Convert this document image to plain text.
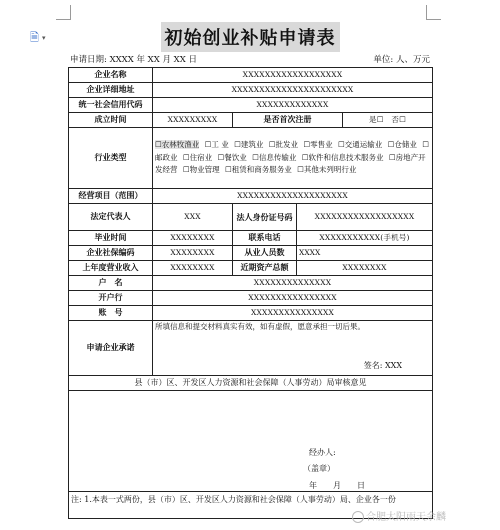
🗎 ▾	初始创业补贴申请表
申请日期: XXXX 年 XX 月 XX 日	单位: 人、万元
企业名称	XXXXXXXXXXXXXXXXXX			
企业详细地址	XXXXXXXXXXXXXXXXXXXXXX			
统一社会信用代码	XXXXXXXXXXXXX			
成立时间	XXXXXXXXX	是否首次注册		是☐ 否☐
行业类型	☐农林牧渔业 ☐工 业 ☐建筑业 ☐批发业 ☐零售业 ☐交通运输业 ☐仓储业 ☐邮政业 ☐住宿业 ☐餐饮业 ☐信息传输业 ☐软件和信息技术服务业 ☐房地产开发经营 ☐物业管理 ☐租赁和商务服务业 ☐其他未列明行业			
经营项目（范围）	XXXXXXXXXXXXXXXXXXXX			
法定代表人	XXX	法人身份证号码	XXXXXXXXXXXXXXXXXX	
毕业时间	XXXXXXXX	联系电话	XXXXXXXXXXX(手机号)	
企业社保编码	XXXXXXXX	从业人员数	XXXX	
上年度营业收入	XXXXXXXX	近期资产总额	XXXXXXXX	
户　名	XXXXXXXXXXXXXX			
开户行	XXXXXXXXXXXXXXXX			
账　号	XXXXXXXXXXXXXXX			
申请企业承诺	所填信息和提交材料真实有效，如有虚假，愿意承担一切后果。
签名: XXX			

县（市）区、开发区人力资源和社会保障（人事劳动）局审核意见				

经办人:
（盖章）
年　　月　　日				

注: 1.本表一式两份，县（市）区、开发区人力资源和社会保障（人事劳动）局、企业各一份				
合肥太阳雨天余麟
